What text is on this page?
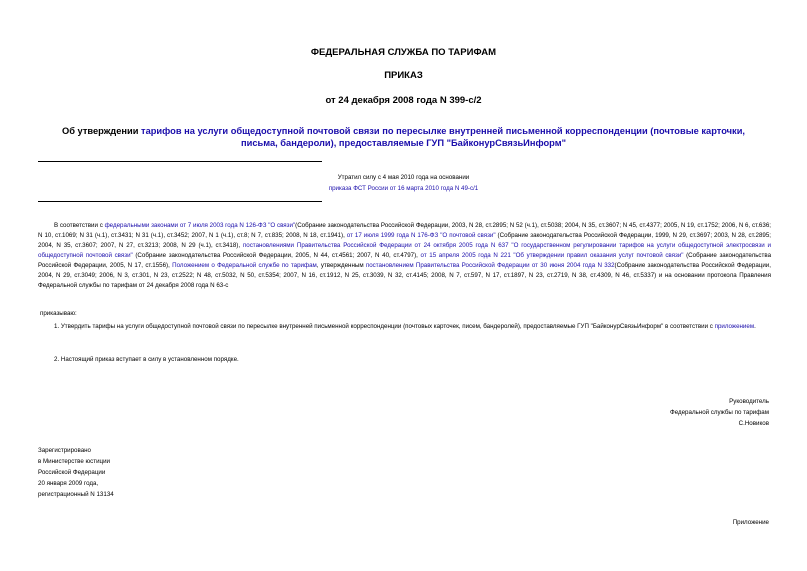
ФЕДЕРАЛЬНАЯ СЛУЖБА ПО ТАРИФАМ
ПРИКАЗ
от 24 декабря 2008 года N 399-с/2
Об утверждении тарифов на услуги общедоступной почтовой связи по пересылке внутренней письменной корреспонденции (почтовые карточки, письма, бандероли), предоставляемые ГУП "БайконурСвязьИнформ"
Утратил силу с 4 мая 2010 года на основании
приказа ФСТ России от 16 марта 2010 года N 49-с/1
В соответствии с федеральными законами от 7 июля 2003 года N 126-ФЗ "О связи"(Собрание законодательства Российской Федерации, 2003, N 28, ст.2895; N 52 (ч.1), ст.5038; 2004, N 35, ст.3607; N 45, ст.4377; 2005, N 19, ст.1752; 2006, N 6, ст.636; N 10, ст.1069; N 31 (ч.1), ст.3431; N 31 (ч.1), ст.3452; 2007, N 1 (ч.1), ст.8; N 7, ст.835; 2008, N 18, ст.1941), от 17 июля 1999 года N 176-ФЗ "О почтовой связи" (Собрание законодательства Российской Федерации, 1999, N 29, ст.3697; 2003, N 28, ст.2895; 2004, N 35, ст.3607; 2007, N 27, ст.3213; 2008, N 29 (ч.1), ст.3418), постановлениями Правительства Российской Федерации от 24 октября 2005 года N 637 "О государственном регулировании тарифов на услуги общедоступной электросвязи и общедоступной почтовой связи" (Собрание законодательства Российской Федерации, 2005, N 44, ст.4561; 2007, N 40, ст.4797), от 15 апреля 2005 года N 221 "Об утверждении правил оказания услуг почтовой связи" (Собрание законодательства Российской Федерации, 2005, N 17, ст.1556), Положением о Федеральной службе по тарифам, утвержденным постановлением Правительства Российской Федерации от 30 июня 2004 года N 332(Собрание законодательства Российской Федерации, 2004, N 29, ст.3049; 2006, N 3, ст.301, N 23, ст.2522; N 48, ст.5032, N 50, ст.5354; 2007, N 16, ст.1912, N 25, ст.3039, N 32, ст.4145; 2008, N 7, ст.597, N 17, ст.1897, N 23, ст.2719, N 38, ст.4309, N 46, ст.5337) и на основании протокола Правления Федеральной службы по тарифам от 24 декабря 2008 года N 63-с
приказываю:
1. Утвердить тарифы на услуги общедоступной почтовой связи по пересылке внутренней письменной корреспонденции (почтовых карточек, писем, бандеролей), предоставляемые ГУП "БайконурСвязьИнформ" в соответствии с приложением.
2. Настоящий приказ вступает в силу в установленном порядке.
Руководитель
Федеральной службы по тарифам
С.Новиков
Зарегистрировано
в Министерстве юстиции
Российской Федерации
20 января 2009 года,
регистрационный N 13134
Приложение
